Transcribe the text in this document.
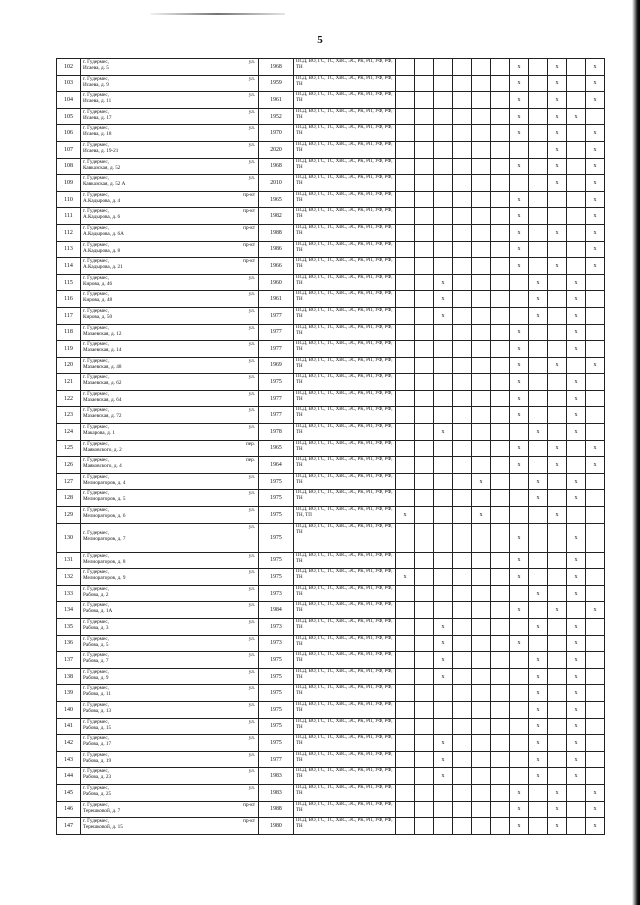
5
102	г. Гудермес, ул.

Исаева, д. 5	1968	ПСД, ВО, ГС, ТС, ХВС, ЭС, РК, РП, УФ, РФ, ТН							x		x		x
103	г. Гудермес, ул.

Исаева, д. 9	1959	ПСД, ВО, ГС, ТС, ХВС, ЭС, РК, РП, УФ, РФ, ТН							x		x		x
104	г. Гудермес, ул.

Исаева, д. 11	1961	ПСД, ВО, ГС, ТС, ХВС, ЭС, РК, РП, УФ, РФ, ТН							x		x		x
105	г. Гудермес, ул.

Исаева, д. 17	1952	ПСД, ВО, ГС, ТС, ХВС, ЭС, РК, РП, УФ, РФ, ТН							x		x	x	
106	г. Гудермес, ул.

Исаева, д. 18	1970	ПСД, ВО, ГС, ТС, ХВС, ЭС, РК, РП, УФ, РФ, ТН							x		x		x
107	г. Гудермес, ул.

Исаева, д. 19-21	2020	ПСД, ВО, ГС, ТС, ХВС, ЭС, РК, РП, УФ, РФ, ТН									x		x
108	г. Гудермес, ул.

Кавказская, д. 52	1968	ПСД, ВО, ГС, ТС, ХВС, ЭС, РК, РП, УФ, РФ, ТН							x		x		x
109	г. Гудермес, ул.

Кавказская, д. 52 А	2010	ПСД, ВО, ГС, ТС, ХВС, ЭС, РК, РП, УФ, РФ, ТН									x		x
110	г. Гудермес, пр-кт

А.Кадырова, д. 4	1965	ПСД, ВО, ГС, ТС, ХВС, ЭС, РК, РП, УФ, РФ, ТН							x				x
111	г. Гудермес, пр-кт

А.Кадырова, д. 6	1982	ПСД, ВО, ГС, ТС, ХВС, ЭС, РК, РП, УФ, РФ, ТН							x				x
112	г. Гудермес, пр-кт

А.Кадырова, д. 6А	1988	ПСД, ВО, ГС, ТС, ХВС, ЭС, РК, РП, УФ, РФ, ТН							x		x		x
113	г. Гудермес, пр-кт

А.Кадырова, д. 8	1986	ПСД, ВО, ГС, ТС, ХВС, ЭС, РК, РП, УФ, РФ, ТН							x				x
114	г. Гудермес, пр-кт

А.Кадырова, д. 21	1966	ПСД, ВО, ГС, ТС, ХВС, ЭС, РК, РП, УФ, РФ, ТН							x		x		x
115	г. Гудермес, ул.

Кирова, д. 46	1960	ПСД, ВО, ГС, ТС, ХВС, ЭС, РК, РП, УФ, РФ, ТН			x					x		x	
116	г. Гудермес, ул.

Кирова, д. 48	1961	ПСД, ВО, ГС, ТС, ХВС, ЭС, РК, РП, УФ, РФ, ТН			x					x		x	
117	г. Гудермес, ул.

Кирова, д. 50	1977	ПСД, ВО, ГС, ТС, ХВС, ЭС, РК, РП, УФ, РФ, ТН			x					x		x	
118	г. Гудермес, ул.

Мазаевская, д. 12	1977	ПСД, ВО, ГС, ТС, ХВС, ЭС, РК, РП, УФ, РФ, ТН							x			x	
119	г. Гудермес, ул.

Мазаевская, д. 14	1977	ПСД, ВО, ГС, ТС, ХВС, ЭС, РК, РП, УФ, РФ, ТН							x			x	
120	г. Гудермес, ул.

Мазаевская, д. 48	1969	ПСД, ВО, ГС, ТС, ХВС, ЭС, РК, РП, УФ, РФ, ТН							x		x		x
121	г. Гудермес, ул.

Мазаевская, д. 62	1975	ПСД, ВО, ГС, ТС, ХВС, ЭС, РК, РП, УФ, РФ, ТН							x			x	
122	г. Гудермес, ул.

Мазаевская, д. 64	1977	ПСД, ВО, ГС, ТС, ХВС, ЭС, РК, РП, УФ, РФ, ТН							x			x	
123	г. Гудермес, ул.

Мазаевская, д. 72	1977	ПСД, ВО, ГС, ТС, ХВС, ЭС, РК, РП, УФ, РФ, ТН							x			x	
124	г. Гудермес, ул.

Макарова, д. 1	1978	ПСД, ВО, ГС, ТС, ХВС, ЭС, РК, РП, УФ, РФ, ТН			x					x		x	
125	г. Гудермес, пер.

Маяковского, д. 2	1965	ПСД, ВО, ГС, ТС, ХВС, ЭС, РК, РП, УФ, РФ, ТН							x		x		x
126	г. Гудермес, пер.

Маяковского, д. 4	1964	ПСД, ВО, ГС, ТС, ХВС, ЭС, РК, РП, УФ, РФ, ТН							x		x		x
127	г. Гудермес, ул.

Мелиораторов, д. 4	1975	ПСД, ВО, ГС, ТС, ХВС, ЭС, РК, РП, УФ, РФ, ТН					x			x		x	
128	г. Гудермес, ул.

Мелиораторов, д. 5	1975	ПСД, ВО, ГС, ТС, ХВС, ЭС, РК, РП, УФ, РФ, ТН								x		x	
129	г. Гудермес, ул.

Мелиораторов, д. 6	1975	ПСД, ВО, ГС, ТС, ХВС, ЭС, РК, РП, УФ, РФ, ТН, ТП	x				x				x		
130	г. Гудермес,
ул.

Мелиораторов, д. 7	1975	ПСД, ВО, ГС, ТС, ХВС, ЭС, РК, РП, УФ, РФ, ТН							x			x	
131	г. Гудермес, ул.

Мелиораторов, д. 8	1975	ПСД, ВО, ГС, ТС, ХВС, ЭС, РК, РП, УФ, РФ, ТН							x			x	
132	г. Гудермес, ул.

Мелиораторов, д. 9	1975	ПСД, ВО, ГС, ТС, ХВС, ЭС, РК, РП, УФ, РФ, ТН	x						x			x	
133	г. Гудермес, ул.

Рабова, д. 2	1973	ПСД, ВО, ГС, ТС, ХВС, ЭС, РК, РП, УФ, РФ, ТН								x		x	
134	г. Гудермес, ул.

Рабова, д. 1А	1984	ПСД, ВО, ГС, ТС, ХВС, ЭС, РК, РП, УФ, РФ, ТН							x		x		x
135	г. Гудермес, ул.

Рабова, д. 3	1973	ПСД, ВО, ГС, ТС, ХВС, ЭС, РК, РП, УФ, РФ, ТН			x					x		x	
136	г. Гудермес, ул.

Рабова, д. 5	1973	ПСД, ВО, ГС, ТС, ХВС, ЭС, РК, РП, УФ, РФ, ТН			x				x			x	
137	г. Гудермес, ул.

Рабова, д. 7	1975	ПСД, ВО, ГС, ТС, ХВС, ЭС, РК, РП, УФ, РФ, ТН			x					x		x	
138	г. Гудермес, ул.

Рабова, д. 9	1975	ПСД, ВО, ГС, ТС, ХВС, ЭС, РК, РП, УФ, РФ, ТН			x					x		x	
139	г. Гудермес, ул.

Рабова, д. 11	1975	ПСД, ВО, ГС, ТС, ХВС, ЭС, РК, РП, УФ, РФ, ТН								x		x	
140	г. Гудермес, ул.

Рабова, д. 13	1975	ПСД, ВО, ГС, ТС, ХВС, ЭС, РК, РП, УФ, РФ, ТН								x		x	
141	г. Гудермес, ул.

Рабова, д. 15	1975	ПСД, ВО, ГС, ТС, ХВС, ЭС, РК, РП, УФ, РФ, ТН								x		x	
142	г. Гудермес, ул.

Рабова, д. 17	1975	ПСД, ВО, ГС, ТС, ХВС, ЭС, РК, РП, УФ, РФ, ТН			x					x		x	
143	г. Гудермес, ул.

Рабова, д. 19	1977	ПСД, ВО, ГС, ТС, ХВС, ЭС, РК, РП, УФ, РФ, ТН			x					x		x	
144	г. Гудермес, ул.

Рабова, д. 23	1983	ПСД, ВО, ГС, ТС, ХВС, ЭС, РК, РП, УФ, РФ, ТН			x					x		x	
145	г. Гудермес, ул.

Рабова, д. 25	1983	ПСД, ВО, ГС, ТС, ХВС, ЭС, РК, РП, УФ, РФ, ТН							x		x		x
146	г. Гудермес, пр-кт

Терешковой, д. 7	1988	ПСД, ВО, ГС, ТС, ХВС, ЭС, РК, РП, УФ, РФ, ТН							x		x		x
147	г. Гудермес, пр-кт

Терешковой, д. 15	1980	ПСД, ВО, ГС, ТС, ХВС, ЭС, РК, РП, УФ, РФ, ТН							x		x		x
